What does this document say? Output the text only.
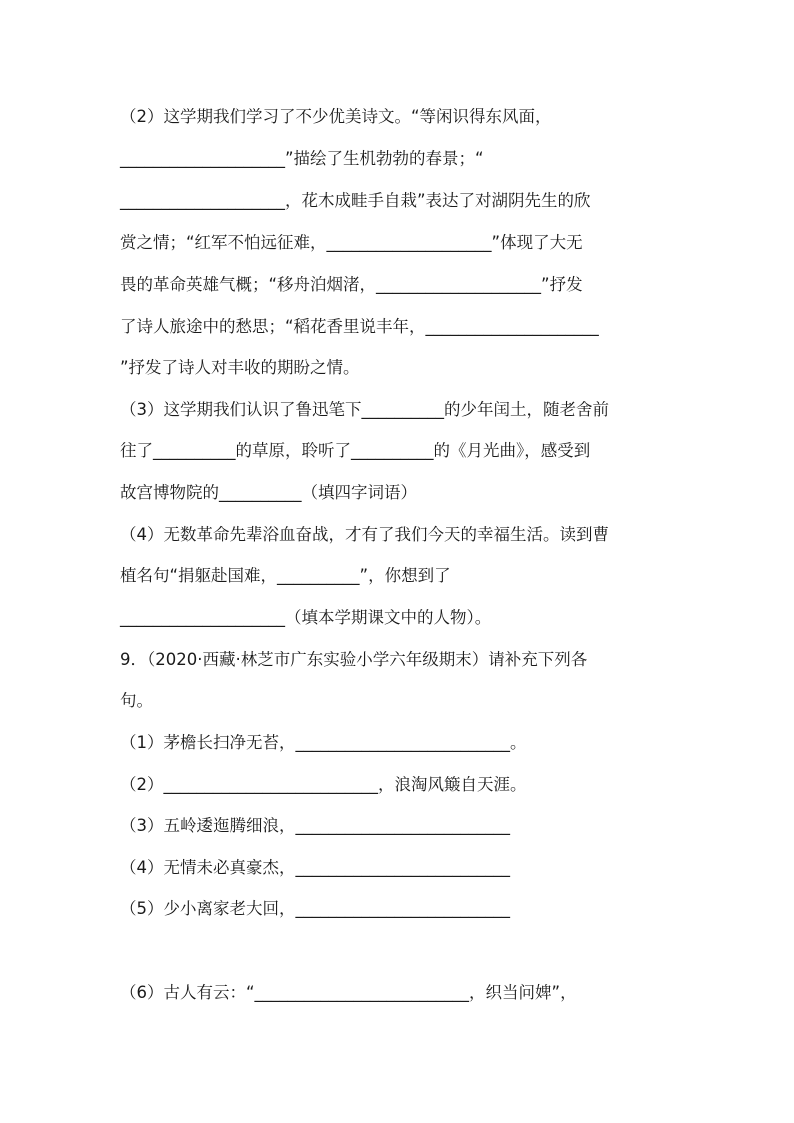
（2）这学期我们学习了不少优美诗文。“等闲识得东风面，
____________________”描绘了生机勃勃的春景；“
____________________，花木成畦手自栽”表达了对湖阴先生的欣
赏之情；“红军不怕远征难，____________________”体现了大无
畏的革命英雄气概；“移舟泊烟渚，____________________”抒发
了诗人旅途中的愁思；“稻花香里说丰年，_____________________
”抒发了诗人对丰收的期盼之情。
（3）这学期我们认识了鲁迅笔下__________的少年闰土，随老舍前
往了__________的草原，聆听了__________的《月光曲》，感受到
故宫博物院的__________（填四字词语）
（4）无数革命先辈浴血奋战，才有了我们今天的幸福生活。读到曹
植名句“捐躯赴国难，__________”，你想到了
____________________（填本学期课文中的人物）。
9．（2020·西藏·林芝市广东实验小学六年级期末）请补充下列各
句。
（1）茅檐长扫净无苔，__________________________。
（2）__________________________，浪淘风簸自天涯。
（3）五岭逶迤腾细浪，__________________________
（4）无情未必真豪杰，__________________________
（5）少小离家老大回，__________________________
（6）古人有云：“__________________________，织当问婢”，
